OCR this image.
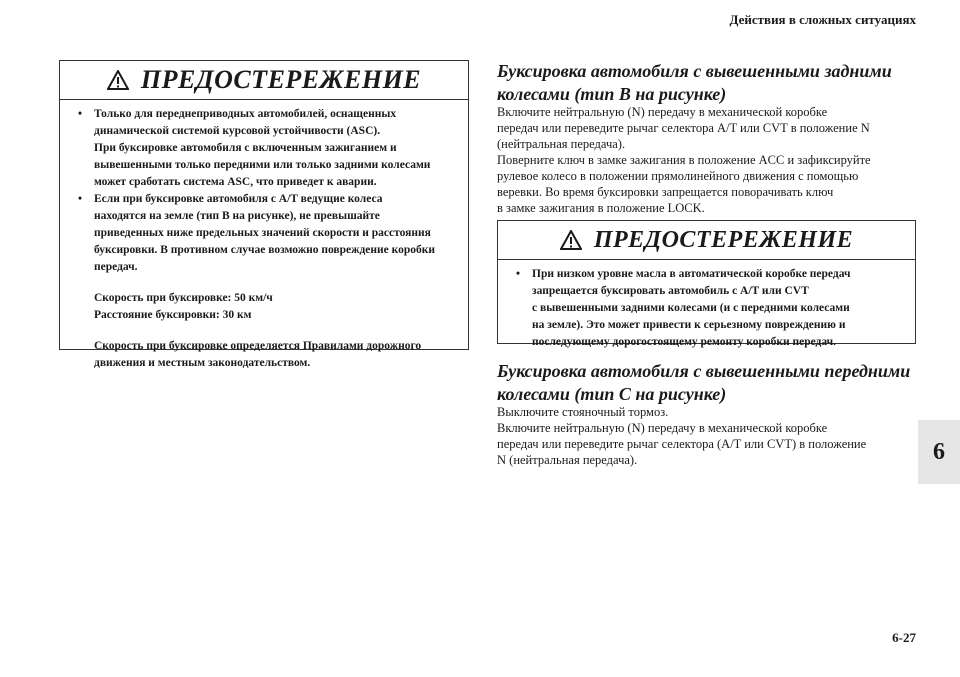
Действия в сложных ситуациях
ПРЕДОСТЕРЕЖЕНИЕ
• Только для переднеприводных автомобилей, оснащенных
динамической системой курсовой устойчивости (ASC).
При буксировке автомобиля с включенным зажиганием и
вывешенными только передними или только задними колесами
может сработать система ASC, что приведет к аварии.
• Если при буксировке автомобиля с A/T ведущие колеса
находятся на земле (тип B на рисунке), не превышайте
приведенных ниже предельных значений скорости и расстояния
буксировки. В противном случае возможно повреждение коробки
передач.
Скорость при буксировке: 50 км/ч
Расстояние буксировки: 30 км
Скорость при буксировке определяется Правилами дорожного
движения и местным законодательством.
Буксировка автомобиля с вывешенными задними
колесами (тип B на рисунке)
Включите нейтральную (N) передачу в механической коробке
передач или переведите рычаг селектора A/T или CVT в положение N
(нейтральная передача).
Поверните ключ в замке зажигания в положение ACC и зафиксируйте
рулевое колесо в положении прямолинейного движения с помощью
веревки. Во время буксировки запрещается поворачивать ключ
в замке зажигания в положение LOCK.
ПРЕДОСТЕРЕЖЕНИЕ
• При низком уровне масла в автоматической коробке передач
запрещается буксировать автомобиль с A/T или CVT
с вывешенными задними колесами (и с передними колесами
на земле). Это может привести к серьезному повреждению и
последующему дорогостоящему ремонту коробки передач.
Буксировка автомобиля с вывешенными передними
колесами (тип C на рисунке)
Выключите стояночный тормоз.
Включите нейтральную (N) передачу в механической коробке
передач или переведите рычаг селектора (A/T или CVT) в положение
N (нейтральная передача).	6
6-27
